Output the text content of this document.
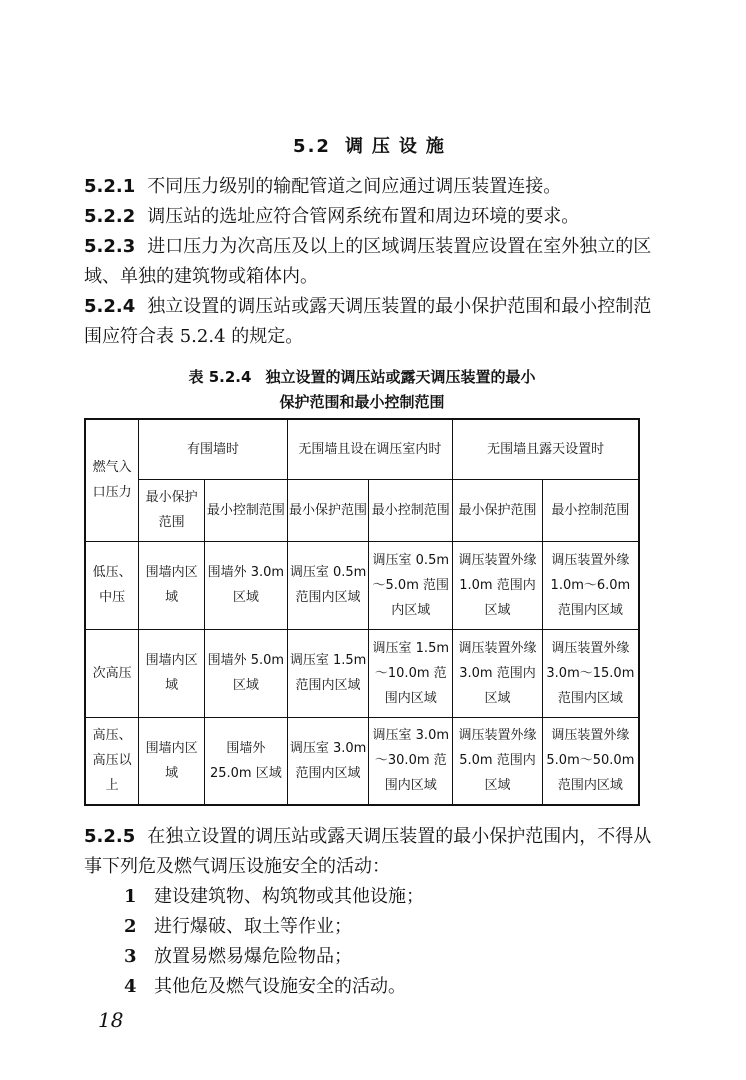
5.2 调压设施
5.2.1 不同压力级别的输配管道之间应通过调压装置连接。
5.2.2 调压站的选址应符合管网系统布置和周边环境的要求。
5.2.3 进口压力为次高压及以上的区域调压装置应设置在室外独立的区域、单独的建筑物或箱体内。
5.2.4 独立设置的调压站或露天调压装置的最小保护范围和最小控制范围应符合表 5.2.4 的规定。
表 5.2.4 独立设置的调压站或露天调压装置的最小
保护范围和最小控制范围
燃气入口压力	有围墙时		无围墙且设在调压室内时		无围墙且露天设置时	
	最小保护范围	最小控制范围	最小保护范围	最小控制范围	最小保护范围	最小控制范围
低压、中压	围墙内区域	围墙外 3.0m 区域	调压室 0.5m 范围内区域	调压室 0.5m～5.0m 范围内区域	调压装置外缘 1.0m 范围内区域	调压装置外缘 1.0m～6.0m 范围内区域
次高压	围墙内区域	围墙外 5.0m 区域	调压室 1.5m 范围内区域	调压室 1.5m～10.0m 范围内区域	调压装置外缘 3.0m 范围内区域	调压装置外缘 3.0m～15.0m 范围内区域
高压、高压以上	围墙内区域	围墙外 25.0m 区域	调压室 3.0m 范围内区域	调压室 3.0m～30.0m 范围内区域	调压装置外缘 5.0m 范围内区域	调压装置外缘 5.0m～50.0m 范围内区域
5.2.5 在独立设置的调压站或露天调压装置的最小保护范围内，不得从事下列危及燃气调压设施安全的活动：
1 建设建筑物、构筑物或其他设施；
2 进行爆破、取土等作业；
3 放置易燃易爆危险物品；
4 其他危及燃气设施安全的活动。
18
